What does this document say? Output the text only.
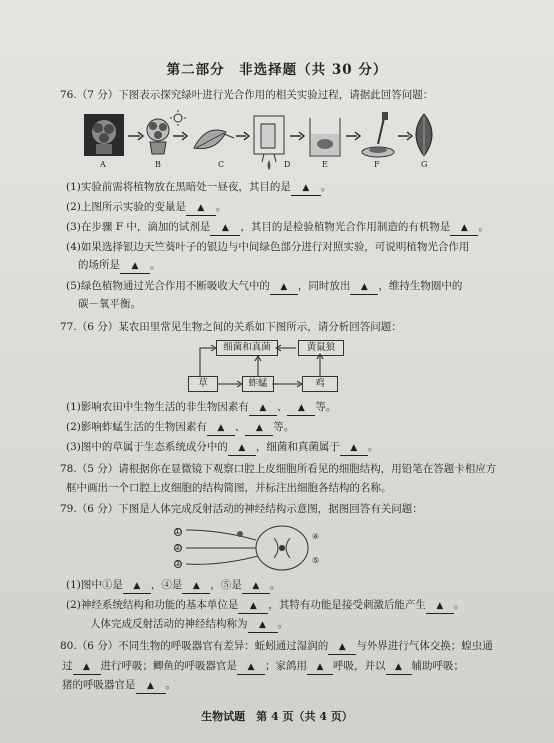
第二部分　非选择题（共 30 分）
76.（7 分）下图表示探究绿叶进行光合作用的相关实验过程，请据此回答问题：
A	B	C	D	E	F	G
(1)实验前需将植物放在黑暗处一昼夜，其目的是 ▲ 。
(2)上图所示实验的变量是 ▲ 。
(3)在步骤 F 中，滴加的试剂是 ▲ ，其目的是检验植物光合作用制造的有机物是 ▲ 。
(4)如果选择银边天竺葵叶子的银边与中间绿色部分进行对照实验，可说明植物光合作用
的场所是 ▲ 。
(5)绿色植物通过光合作用不断吸收大气中的 ▲ ，同时放出 ▲ ，维持生物圈中的
碳－氧平衡。
77.（6 分）某农田里常见生物之间的关系如下图所示，请分析回答问题：
细菌和真菌	黄鼠狼
草	蚱蜢	鸡
(1)影响农田中生物生活的非生物因素有 ▲ 、 ▲ 等。
(2)影响蚱蜢生活的生物因素有 ▲ 、 ▲ 等。
(3)图中的草属于生态系统成分中的 ▲ ，细菌和真菌属于 ▲ 。
78.（5 分）请根据你在显微镜下观察口腔上皮细胞所看见的细胞结构，用铅笔在答题卡相应方
框中画出一个口腔上皮细胞的结构简图，并标注出细胞各结构的名称。
79.（6 分）下图是人体完成反射活动的神经结构示意图，据图回答有关问题：
①
②
③
④
⑤
(1)图中①是 ▲ ，④是 ▲ ，⑤是 ▲ 。
(2)神经系统结构和功能的基本单位是 ▲ ，其特有功能是接受刺激后能产生 ▲ 。
人体完成反射活动的神经结构称为 ▲ 。
80.（6 分）不同生物的呼吸器官有差异：蚯蚓通过湿润的 ▲ 与外界进行气体交换；蝗虫通
过 ▲ 进行呼吸；鲫鱼的呼吸器官是 ▲ ；家鸽用 ▲ 呼吸，并以 ▲ 辅助呼吸；
猪的呼吸器官是 ▲ 。
生物试题　第 4 页（共 4 页）
